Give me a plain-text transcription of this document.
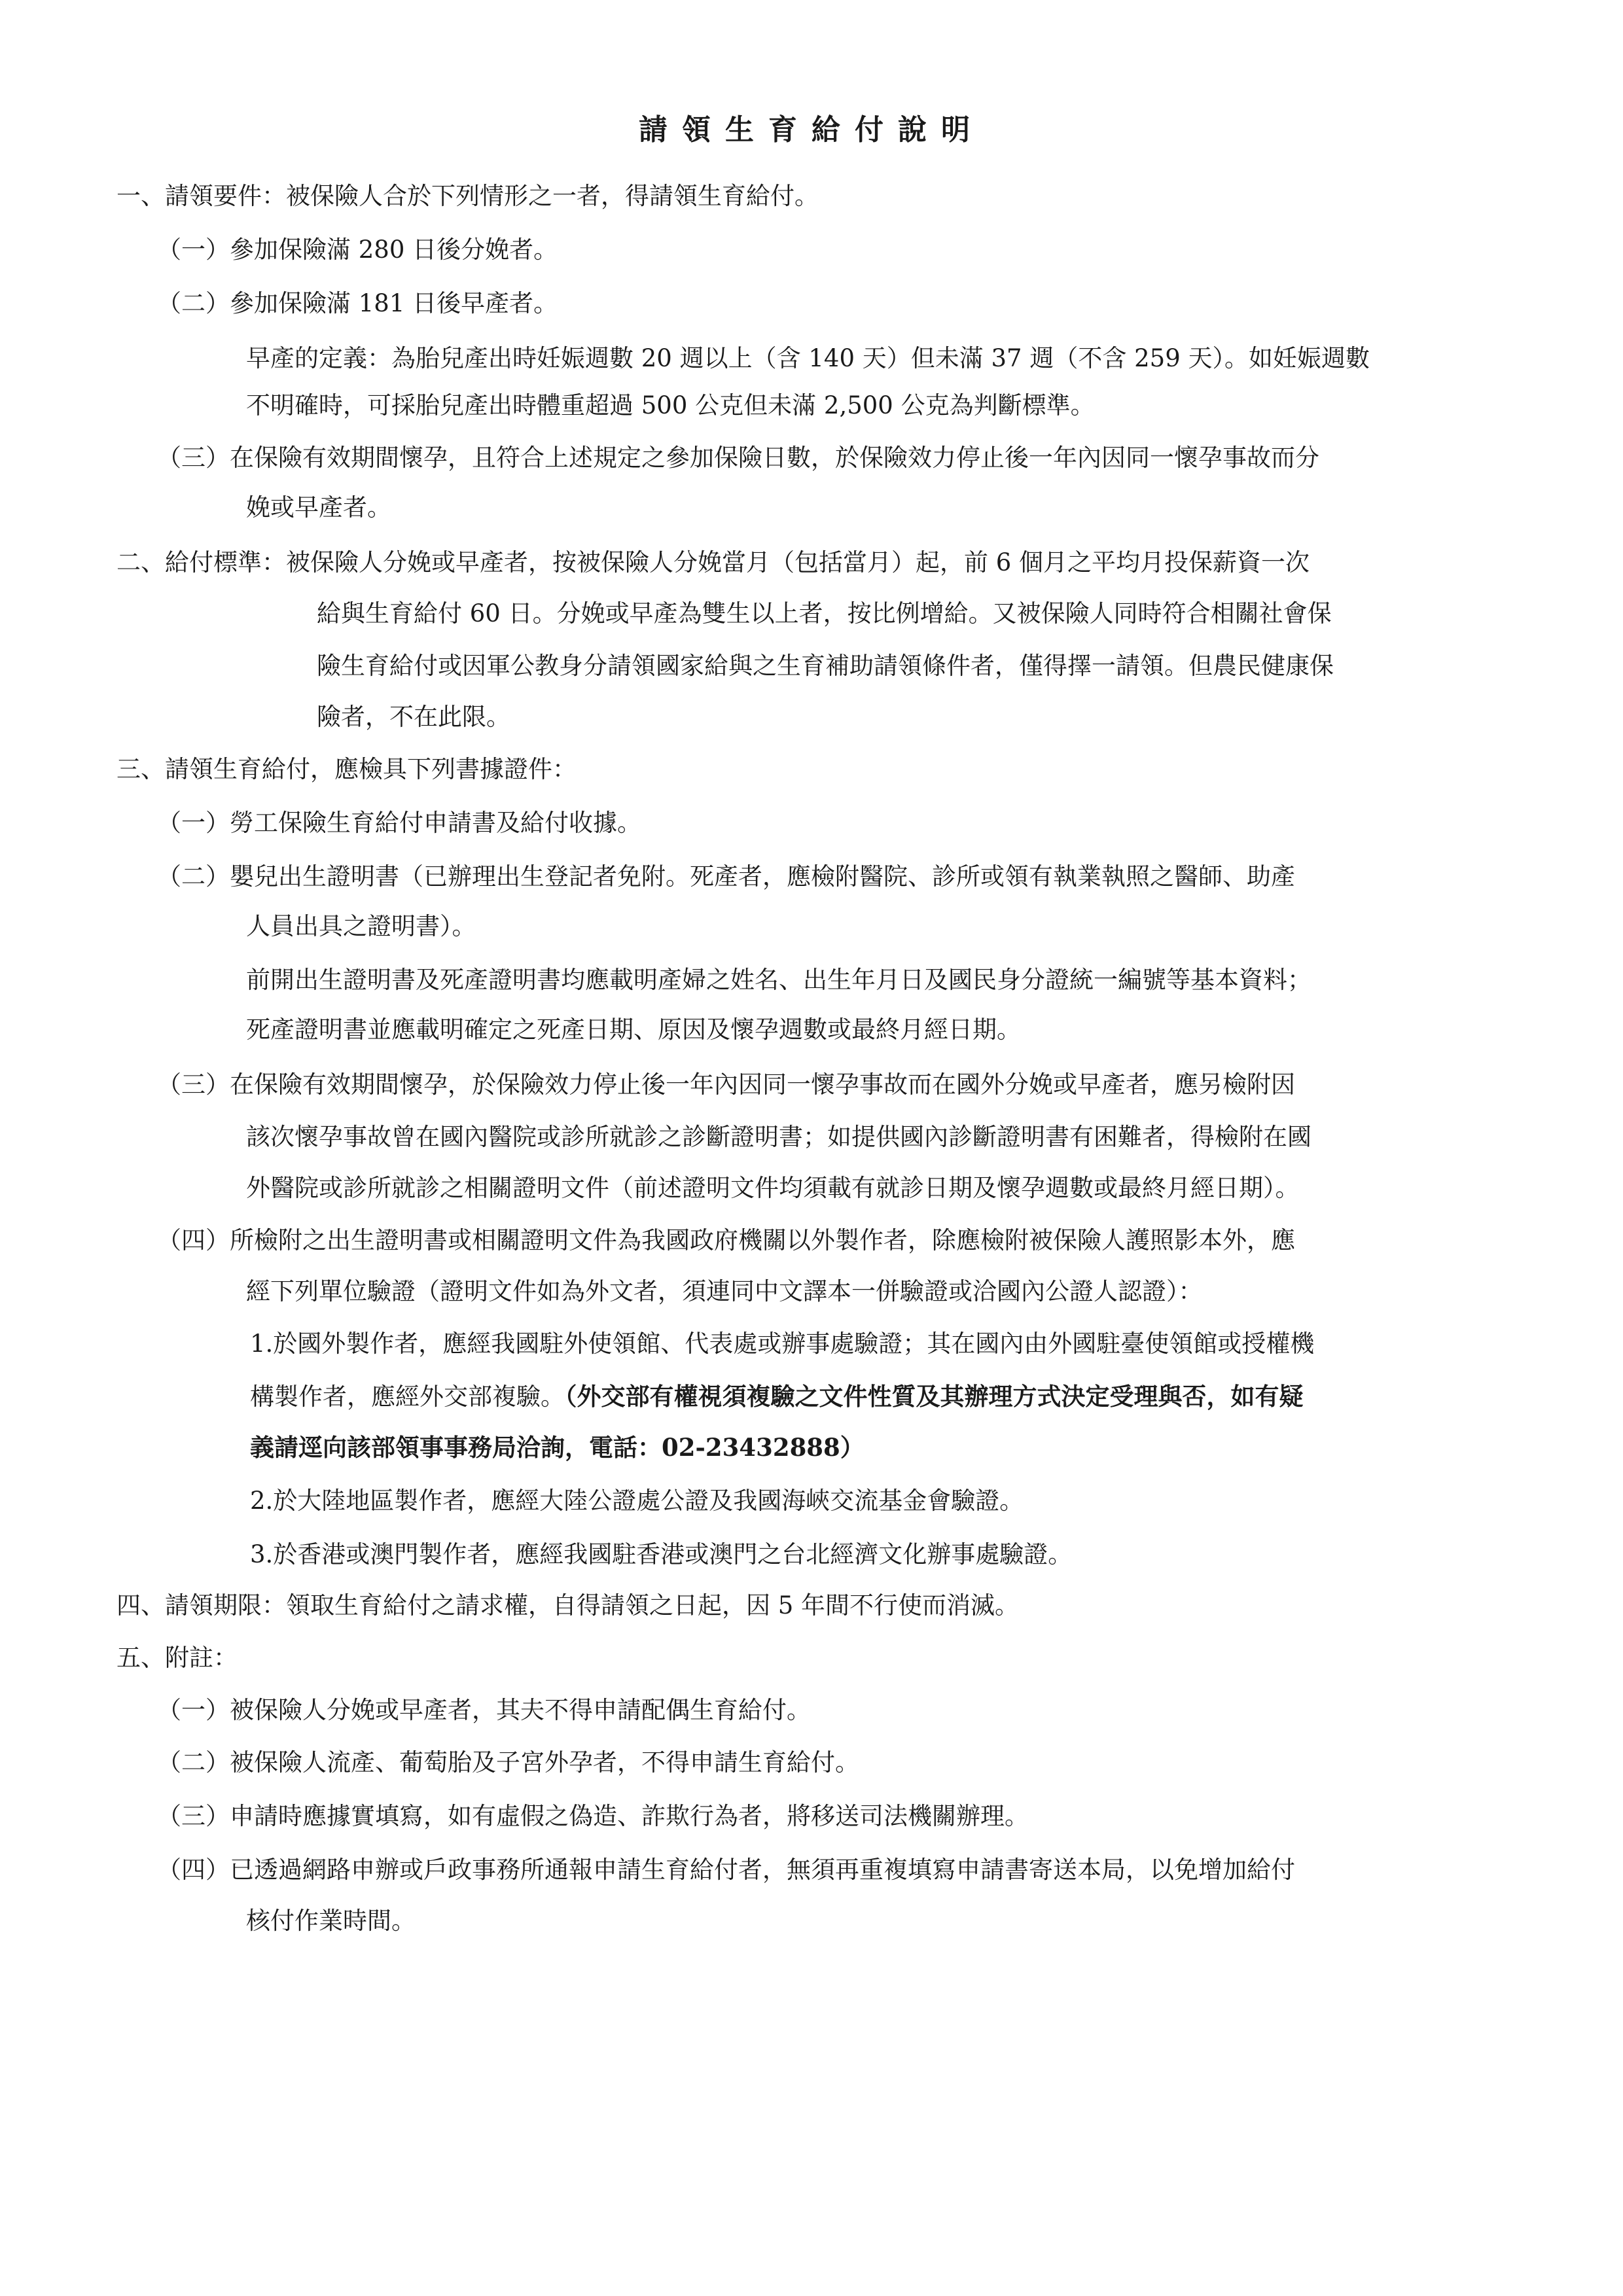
請領生育給付說明
一、請領要件：被保險人合於下列情形之一者，得請領生育給付。
（一）參加保險滿 280 日後分娩者。
（二）參加保險滿 181 日後早產者。
早產的定義：為胎兒產出時妊娠週數 20 週以上（含 140 天）但未滿 37 週（不含 259 天）。如妊娠週數
不明確時，可採胎兒產出時體重超過 500 公克但未滿 2,500 公克為判斷標準。
（三）在保險有效期間懷孕，且符合上述規定之參加保險日數，於保險效力停止後一年內因同一懷孕事故而分
娩或早產者。
二、給付標準：被保險人分娩或早產者，按被保險人分娩當月（包括當月）起，前 6 個月之平均月投保薪資一次
給與生育給付 60 日。分娩或早產為雙生以上者，按比例增給。又被保險人同時符合相關社會保
險生育給付或因軍公教身分請領國家給與之生育補助請領條件者，僅得擇一請領。但農民健康保
險者，不在此限。
三、請領生育給付，應檢具下列書據證件：
（一）勞工保險生育給付申請書及給付收據。
（二）嬰兒出生證明書（已辦理出生登記者免附。死產者，應檢附醫院、診所或領有執業執照之醫師、助產
人員出具之證明書）。
前開出生證明書及死產證明書均應載明產婦之姓名、出生年月日及國民身分證統一編號等基本資料；
死產證明書並應載明確定之死產日期、原因及懷孕週數或最終月經日期。
（三）在保險有效期間懷孕，於保險效力停止後一年內因同一懷孕事故而在國外分娩或早產者，應另檢附因
該次懷孕事故曾在國內醫院或診所就診之診斷證明書；如提供國內診斷證明書有困難者，得檢附在國
外醫院或診所就診之相關證明文件（前述證明文件均須載有就診日期及懷孕週數或最終月經日期）。
（四）所檢附之出生證明書或相關證明文件為我國政府機關以外製作者，除應檢附被保險人護照影本外，應
經下列單位驗證（證明文件如為外文者，須連同中文譯本一併驗證或洽國內公證人認證）：
1.於國外製作者，應經我國駐外使領館、代表處或辦事處驗證；其在國內由外國駐臺使領館或授權機
構製作者，應經外交部複驗。（外交部有權視須複驗之文件性質及其辦理方式決定受理與否，如有疑
義請逕向該部領事事務局洽詢，電話：02-23432888）
2.於大陸地區製作者，應經大陸公證處公證及我國海峽交流基金會驗證。
3.於香港或澳門製作者，應經我國駐香港或澳門之台北經濟文化辦事處驗證。
四、請領期限：領取生育給付之請求權，自得請領之日起，因 5 年間不行使而消滅。
五、附註：
（一）被保險人分娩或早產者，其夫不得申請配偶生育給付。
（二）被保險人流產、葡萄胎及子宮外孕者，不得申請生育給付。
（三）申請時應據實填寫，如有虛假之偽造、詐欺行為者，將移送司法機關辦理。
（四）已透過網路申辦或戶政事務所通報申請生育給付者，無須再重複填寫申請書寄送本局，以免增加給付
核付作業時間。
